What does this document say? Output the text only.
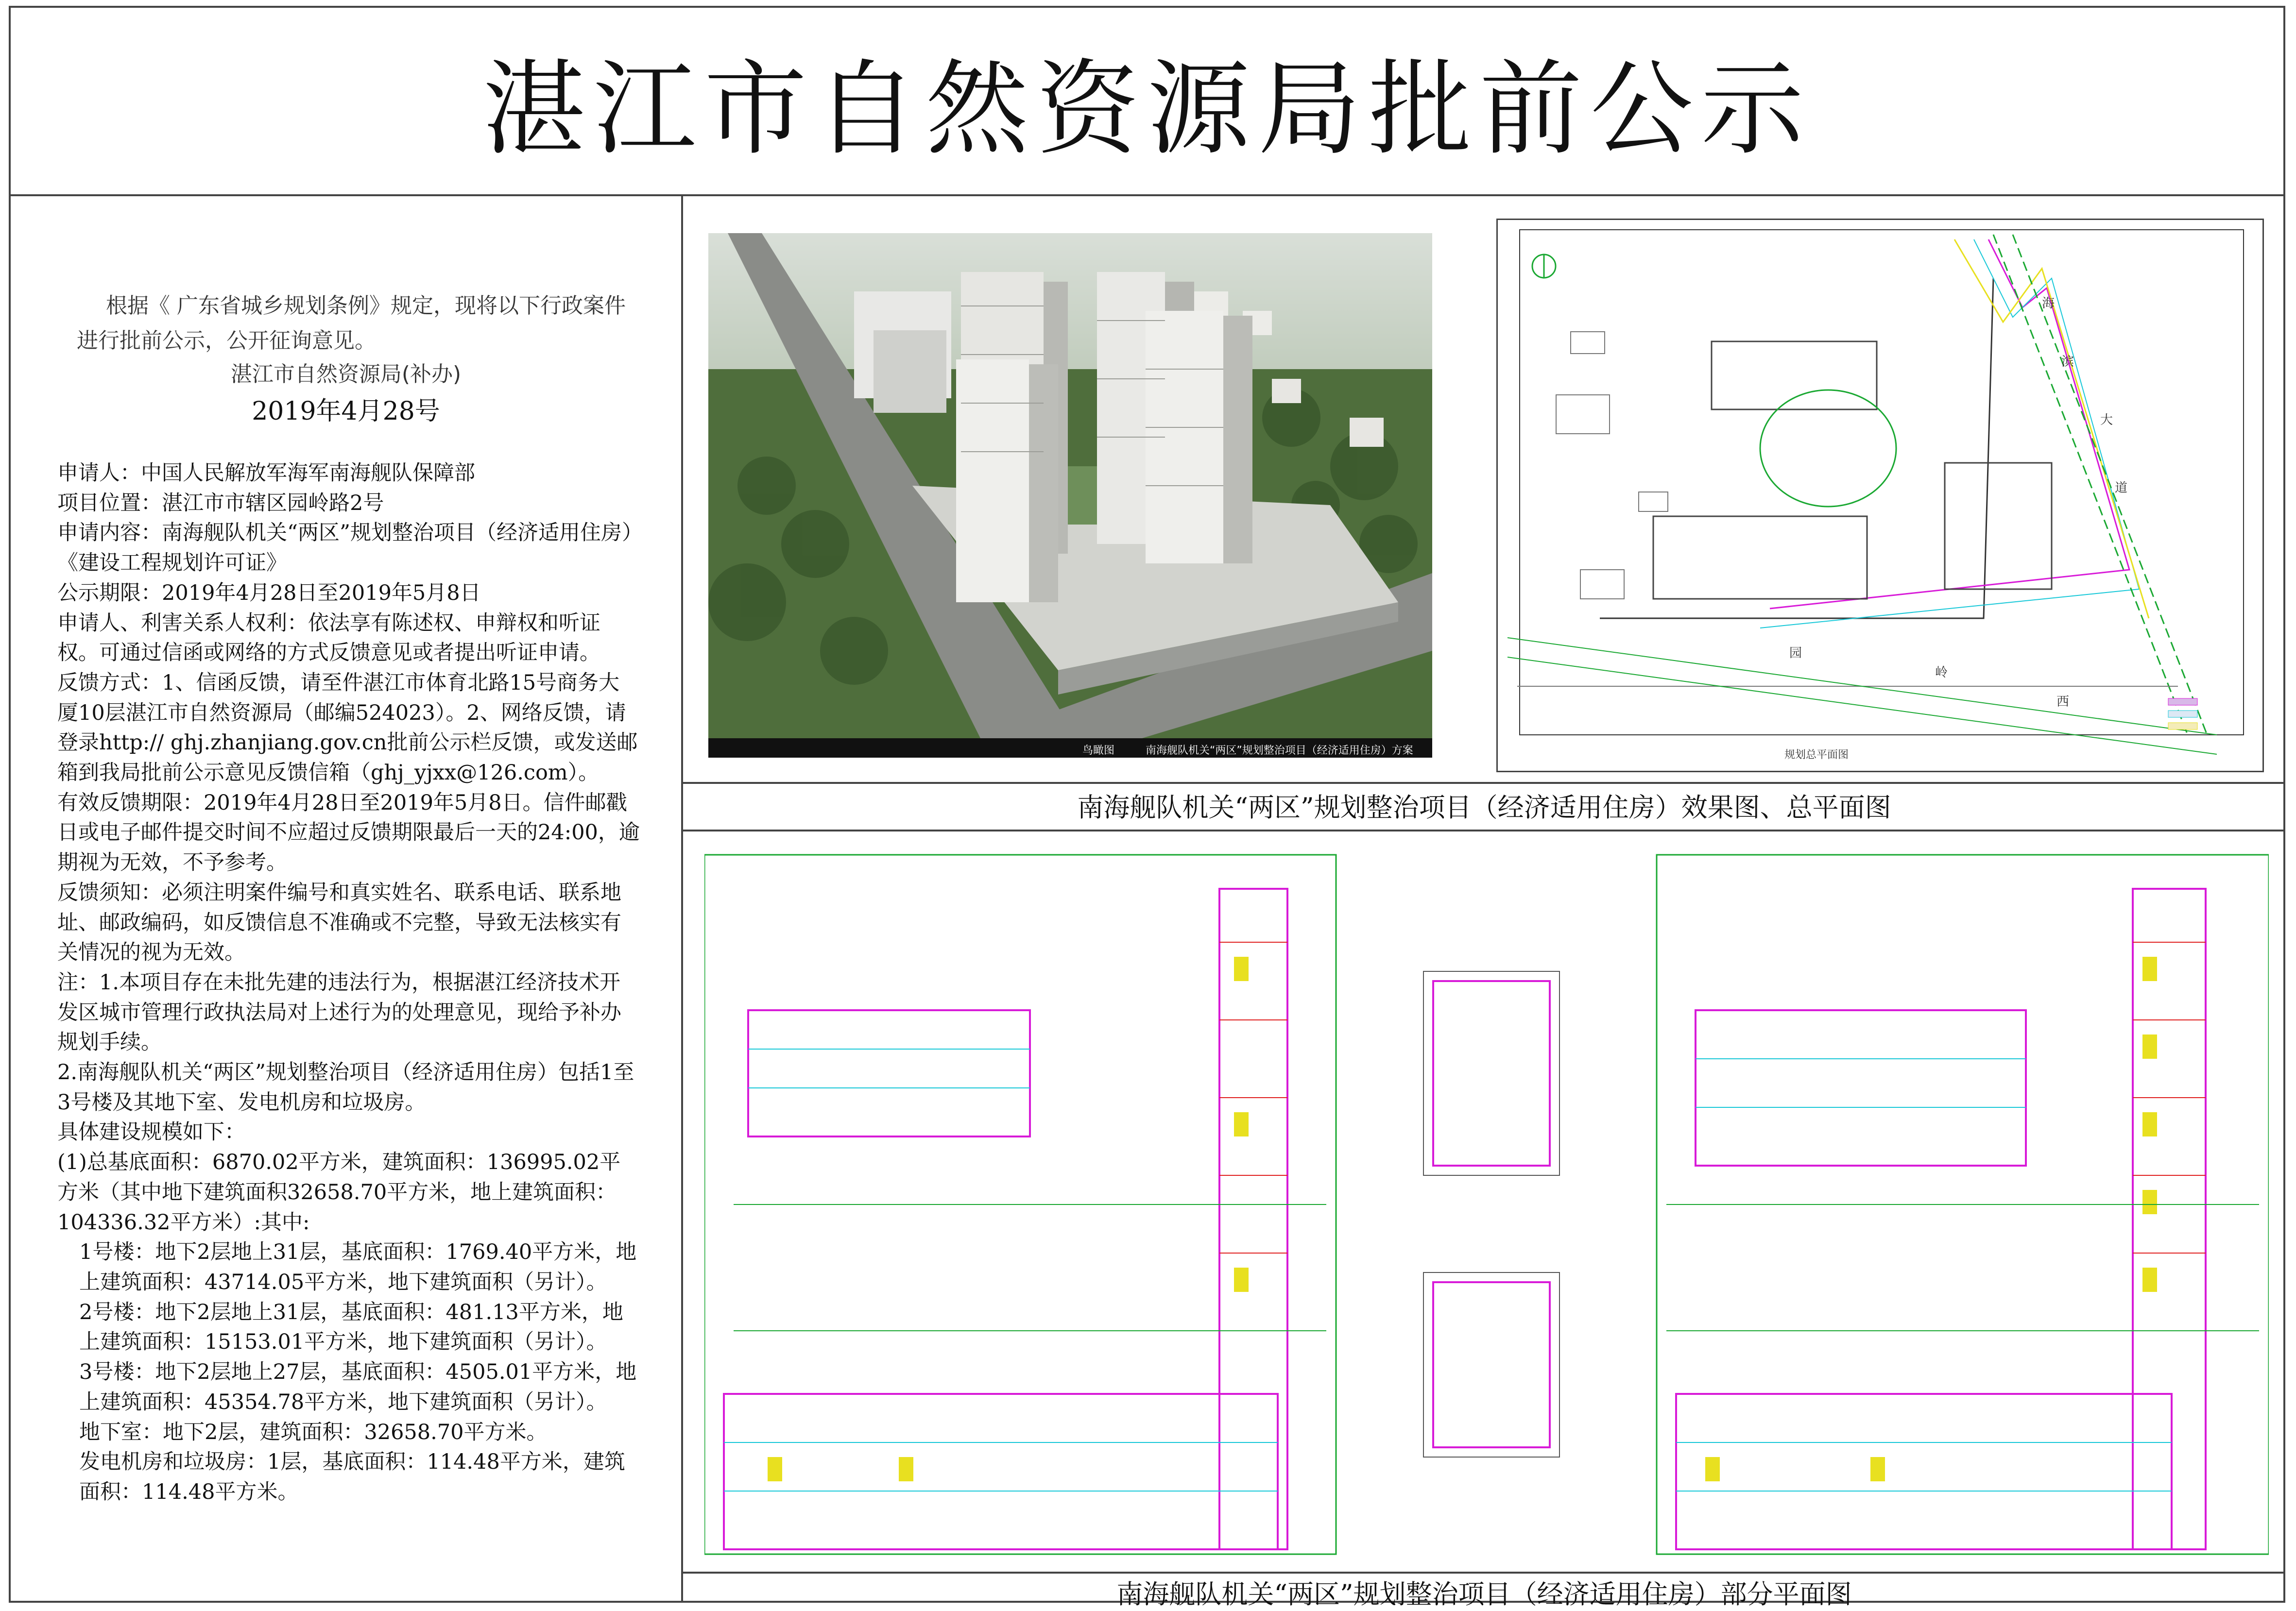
湛江市自然资源局批前公示
根据《 广东省城乡规划条例》规定，现将以下行政案件进行批前公示，公开征询意见。
湛江市自然资源局(补办)
2019年4月28号

申请人：中国人民解放军海军南海舰队保障部

项目位置：湛江市市辖区园岭路2号

申请内容：南海舰队机关“两区”规划整治项目（经济适用住房）《建设工程规划许可证》

公示期限：2019年4月28日至2019年5月8日

申请人、利害关系人权利：依法享有陈述权、申辩权和听证权。可通过信函或网络的方式反馈意见或者提出听证申请。

反馈方式：1、信函反馈，请至件湛江市体育北路15号商务大厦10层湛江市自然资源局（邮编524023）。2、网络反馈，请登录http:// ghj.zhanjiang.gov.cn批前公示栏反馈，或发送邮箱到我局批前公示意见反馈信箱（ghj_yjxx@126.com）。

有效反馈期限：2019年4月28日至2019年5月8日。信件邮戳日或电子邮件提交时间不应超过反馈期限最后一天的24:00，逾期视为无效，不予参考。

反馈须知：必须注明案件编号和真实姓名、联系电话、联系地址、邮政编码，如反馈信息不准确或不完整，导致无法核实有关情况的视为无效。

注：1.本项目存在未批先建的违法行为，根据湛江经济技术开发区城市管理行政执法局对上述行为的处理意见，现给予补办规划手续。

2.南海舰队机关“两区”规划整治项目（经济适用住房）包括1至3号楼及其地下室、发电机房和垃圾房。

具体建设规模如下：

(1)总基底面积：6870.02平方米，建筑面积：136995.02平方米（其中地下建筑面积32658.70平方米，地上建筑面积：104336.32平方米）:其中:

1号楼：地下2层地上31层，基底面积：1769.40平方米，地上建筑面积：43714.05平方米，地下建筑面积（另计）。

2号楼：地下2层地上31层，基底面积：481.13平方米，地上建筑面积：15153.01平方米，地下建筑面积（另计）。

3号楼：地下2层地上27层，基底面积：4505.01平方米，地上建筑面积：45354.78平方米，地下建筑面积（另计）。

地下室：地下2层，建筑面积：32658.70平方米。

发电机房和垃圾房：1层，基底面积：114.48平方米，建筑面积：114.48平方米。

鸟瞰图	南海舰队机关“两区”规划整治项目（经济适用住房）方案
大
道
滨
海
园
岭
西
规划总平面图
南海舰队机关“两区”规划整治项目（经济适用住房）效果图、总平面图
南海舰队机关“两区”规划整治项目（经济适用住房）部分平面图
